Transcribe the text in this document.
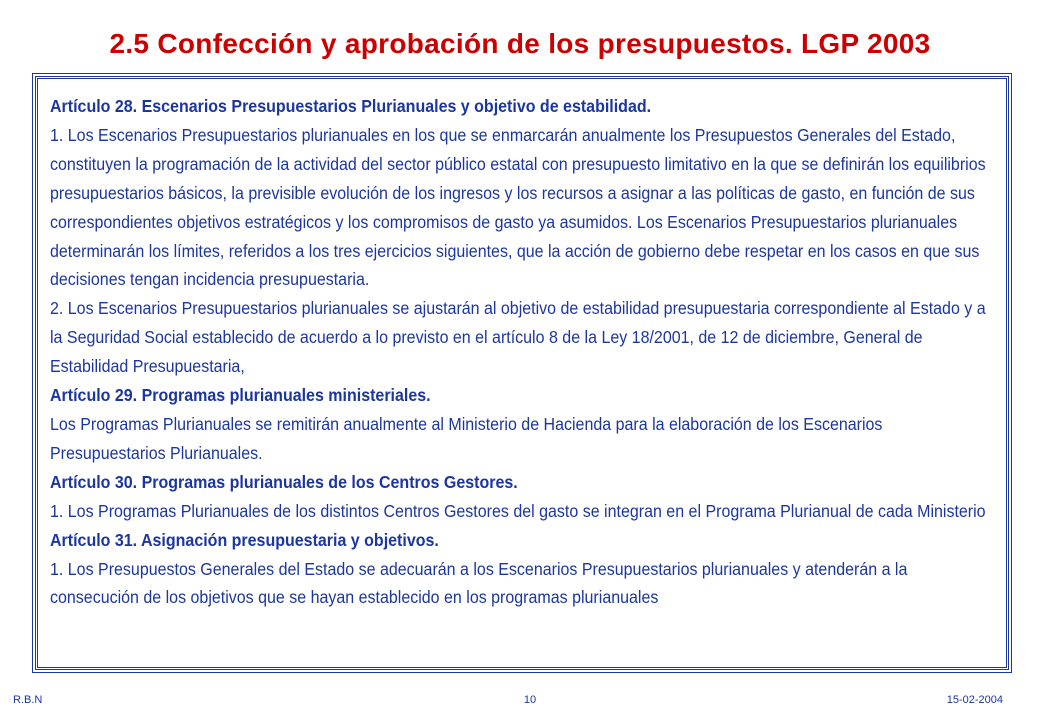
2.5 Confección y aprobación de los presupuestos. LGP 2003

Artículo 28. Escenarios Presupuestarios Plurianuales y objetivo de estabilidad.

1. Los Escenarios Presupuestarios plurianuales en los que se enmarcarán anualmente los Presupuestos Generales del Estado, constituyen la programación de la actividad del sector público estatal con presupuesto limitativo en la que se definirán los equilibrios presupuestarios básicos, la previsible evolución de los ingresos y los recursos a asignar a las políticas de gasto, en función de sus correspondientes objetivos estratégicos y los compromisos de gasto ya asumidos. Los Escenarios Presupuestarios plurianuales determinarán los límites, referidos a los tres ejercicios siguientes, que la acción de gobierno debe respetar en los casos en que sus decisiones tengan incidencia presupuestaria.

2. Los Escenarios Presupuestarios plurianuales se ajustarán al objetivo de estabilidad presupuestaria correspondiente al Estado y a la Seguridad Social establecido de acuerdo a lo previsto en el artículo 8 de la Ley 18/2001, de 12 de diciembre, General de Estabilidad Presupuestaria,

Artículo 29. Programas plurianuales ministeriales.

Los Programas Plurianuales se remitirán anualmente al Ministerio de Hacienda para la elaboración de los Escenarios Presupuestarios Plurianuales.

Artículo 30. Programas plurianuales de los Centros Gestores.

1. Los Programas Plurianuales de los distintos Centros Gestores del gasto se integran en el Programa Plurianual de cada Ministerio

Artículo 31. Asignación presupuestaria y objetivos.

1. Los Presupuestos Generales del Estado se adecuarán a los Escenarios Presupuestarios plurianuales y atenderán a la consecución de los objetivos que se hayan establecido en los programas plurianuales

R.B.N	10	15-02-2004
